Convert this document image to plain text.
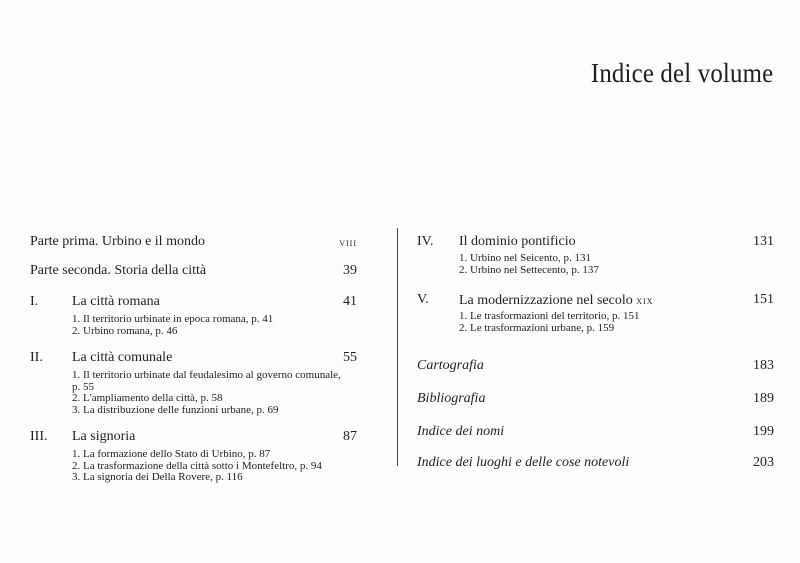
Indice del volume
Parte prima. Urbino e il mondo	viii
Parte seconda. Storia della città	39
I. La città romana	41
1. Il territorio urbinate in epoca romana, p. 41
2. Urbino romana, p. 46
II. La città comunale	55
1. Il territorio urbinate dal feudalesimo al governo comunale, p. 55
2. L'ampliamento della città, p. 58
3. La distribuzione delle funzioni urbane, p. 69
III. La signoria	87
1. La formazione dello Stato di Urbino, p. 87
2. La trasformazione della città sotto i Montefeltro, p. 94
3. La signoria dei Della Rovere, p. 116
IV. Il dominio pontificio	131
1. Urbino nel Seicento, p. 131
2. Urbino nel Settecento, p. 137
V. La modernizzazione nel secolo xix	151
1. Le trasformazioni del territorio, p. 151
2. Le trasformazioni urbane, p. 159
Cartografia	183
Bibliografia	189
Indice dei nomi	199
Indice dei luoghi e delle cose notevoli	203
